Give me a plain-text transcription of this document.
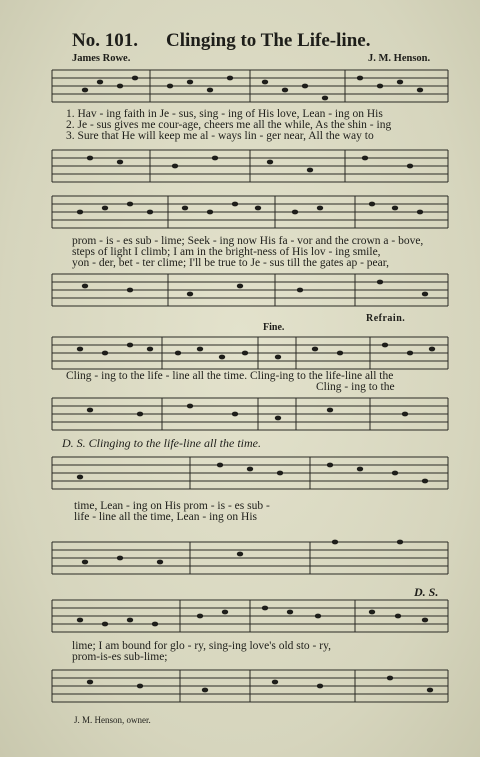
No. 101. Clinging to The Life-line.
James Rowe.	J. M. Henson.
1. Hav - ing faith in Je - sus, sing - ing of His love, Lean - ing on His
2. Je - sus gives me cour-age, cheers me all the while, As the shin - ing
3. Sure that He will keep me al - ways lin - ger near, All the way to
prom - is - es sub - lime; Seek - ing now His fa - vor and the crown a - bove,
steps of light I climb; I am in the bright-ness of His lov - ing smile,
yon - der, bet - ter clime; I'll be true to Je - sus till the gates ap - pear,
Refrain.
Fine.
Cling - ing to the life - line all the time. Cling-ing to the life-line all the
Cling - ing to the
D. S. Clinging to the life-line all the time.
time, Lean - ing on His prom - is - es sub -
life - line all the time, Lean - ing on His
D. S.
lime; I am bound for glo - ry, sing-ing love's old sto - ry,
prom-is-es sub-lime;
J. M. Henson, owner.
